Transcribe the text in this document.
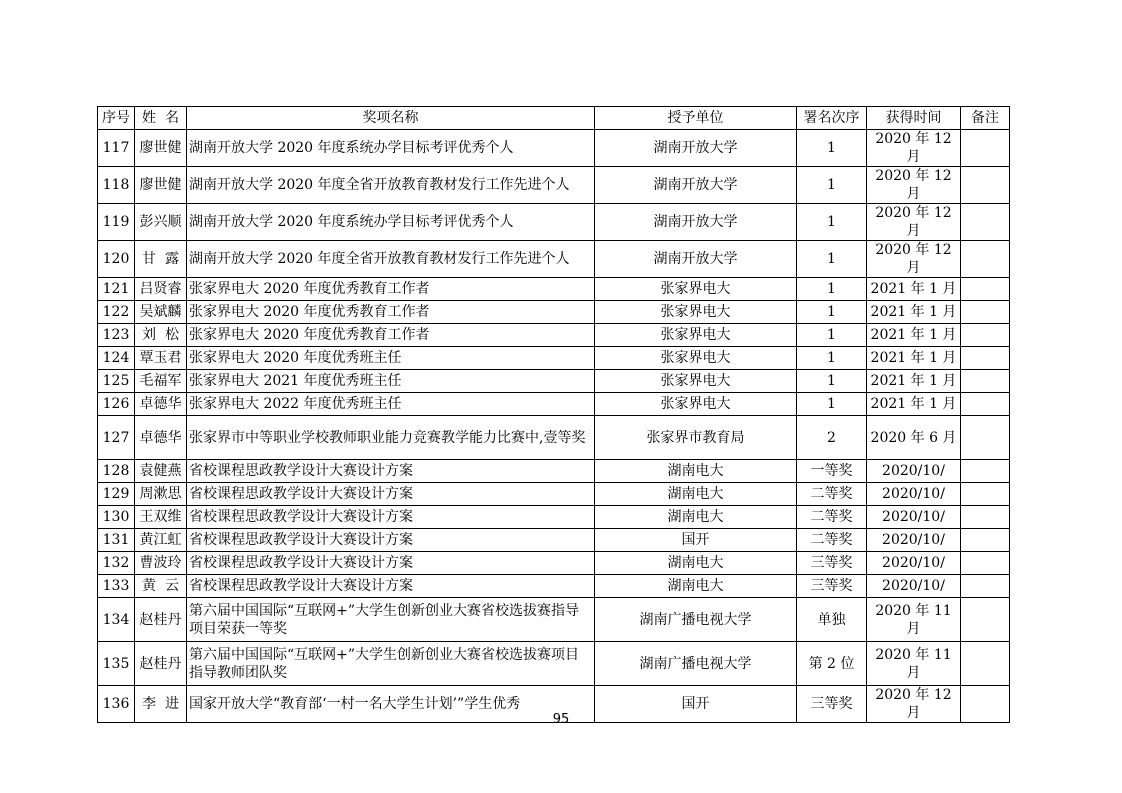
序号	姓  名	奖项名称	授予单位	署名次序	获得时间	备注
117	廖世健	湖南开放大学 2020 年度系统办学目标考评优秀个人	湖南开放大学	1	2020 年 12 月	
118	廖世健	湖南开放大学 2020 年度全省开放教育教材发行工作先进个人	湖南开放大学	1	2020 年 12 月	
119	彭兴顺	湖南开放大学 2020 年度系统办学目标考评优秀个人	湖南开放大学	1	2020 年 12 月	
120	甘  露	湖南开放大学 2020 年度全省开放教育教材发行工作先进个人	湖南开放大学	1	2020 年 12 月	
121	吕贤睿	张家界电大 2020 年度优秀教育工作者	张家界电大	1	2021 年 1 月	
122	吴斌麟	张家界电大 2020 年度优秀教育工作者	张家界电大	1	2021 年 1 月	
123	刘  松	张家界电大 2020 年度优秀教育工作者	张家界电大	1	2021 年 1 月	
124	覃玉君	张家界电大 2020 年度优秀班主任	张家界电大	1	2021 年 1 月	
125	毛福军	张家界电大 2021 年度优秀班主任	张家界电大	1	2021 年 1 月	
126	卓德华	张家界电大 2022 年度优秀班主任	张家界电大	1	2021 年 1 月	
127	卓德华	张家界市中等职业学校教师职业能力竞赛教学能力比赛中,壹等奖	张家界市教育局	2	2020 年 6 月	
128	袁健燕	省校课程思政教学设计大赛设计方案	湖南电大	一等奖	2020/10/	
129	周漱思	省校课程思政教学设计大赛设计方案	湖南电大	二等奖	2020/10/	
130	王双维	省校课程思政教学设计大赛设计方案	湖南电大	二等奖	2020/10/	
131	黄江虹	省校课程思政教学设计大赛设计方案	国开	二等奖	2020/10/	
132	曹波玲	省校课程思政教学设计大赛设计方案	湖南电大	三等奖	2020/10/	
133	黄  云	省校课程思政教学设计大赛设计方案	湖南电大	三等奖	2020/10/	
134	赵桂丹	第六届中国国际“互联网+”大学生创新创业大赛省校选拔赛指导项目荣获一等奖	湖南广播电视大学	单独	2020 年 11 月	
135	赵桂丹	第六届中国国际“互联网+”大学生创新创业大赛省校选拔赛项目指导教师团队奖	湖南广播电视大学	第 2 位	2020 年 11 月	
136	李  进	国家开放大学“教育部‘一村一名大学生计划’”学生优秀	国开	三等奖	2020 年 12 月	
95
